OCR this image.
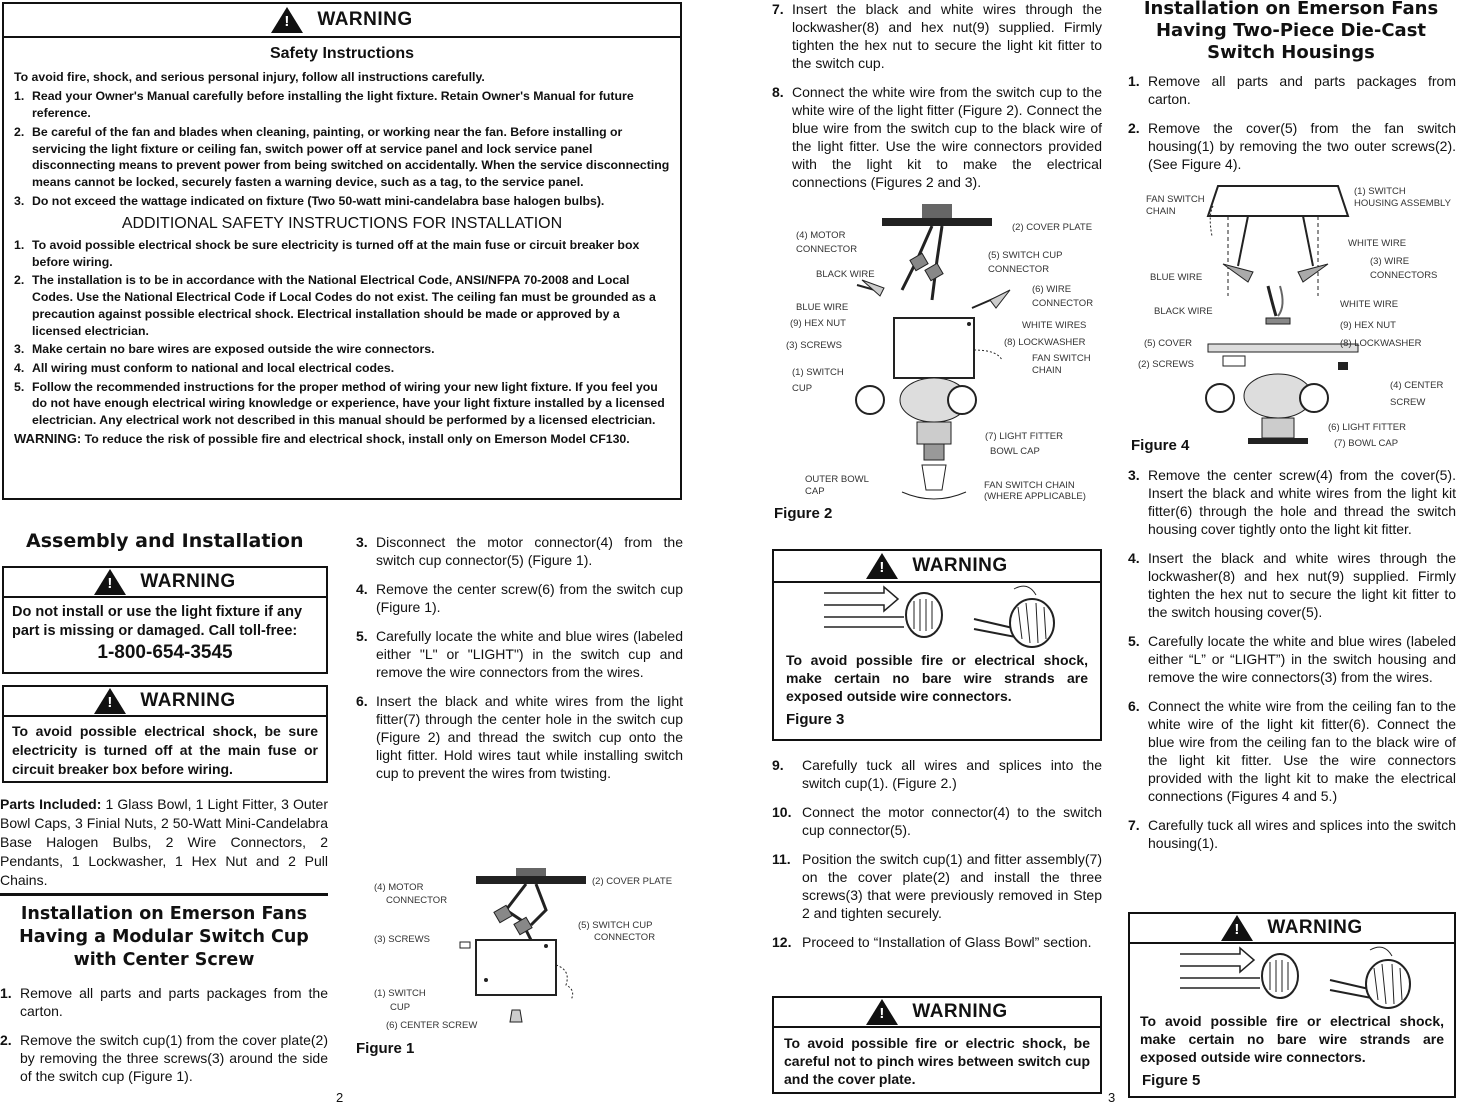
!
WARNING
Safety Instructions
To avoid fire, shock, and serious personal injury, follow all instructions carefully.
1. Read your Owner's Manual carefully before installing the light fixture. Retain Owner's Manual for future reference.
2. Be careful of the fan and blades when cleaning, painting, or working near the fan. Before installing or servicing the light fixture or ceiling fan, switch power off at service panel and lock service panel disconnecting means to prevent power from being switched on accidentally. When the service disconnecting means cannot be locked, securely fasten a warning device, such as a tag, to the service panel.
3. Do not exceed the wattage indicated on fixture (Two 50-watt mini-candelabra base halogen bulbs).
ADDITIONAL SAFETY INSTRUCTIONS FOR INSTALLATION
1. To avoid possible electrical shock be sure electricity is turned off at the main fuse or circuit breaker box before wiring.
2. The installation is to be in accordance with the National Electrical Code, ANSI/NFPA 70-2008 and Local Codes. Use the National Electrical Code if Local Codes do not exist. The ceiling fan must be grounded as a precaution against possible electrical shock. Electrical installation should be made or approved by a licensed electrician.
3. Make certain no bare wires are exposed outside the wire connectors.
4. All wiring must conform to national and local electrical codes.
5. Follow the recommended instructions for the proper method of wiring your new light fixture. If you feel you do not have enough electrical wiring knowledge or experience, have your light fixture installed by a licensed electrician. Any electrical work not described in this manual should be performed by a licensed electrician.
WARNING: To reduce the risk of possible fire and electrical shock, install only on Emerson Model CF130.
Assembly and Installation
!
WARNING
Do not install or use the light fixture if any part is missing or damaged. Call toll-free:
1-800-654-3545
!
WARNING
To avoid possible electrical shock, be sure electricity is turned off at the main fuse or circuit breaker box before wiring.
Parts Included: 1 Glass Bowl, 1 Light Fitter, 3 Outer Bowl Caps, 3 Finial Nuts, 2 50-Watt Mini-Candelabra Base Halogen Bulbs, 2 Wire Connectors, 2 Pendants, 1 Lockwasher, 1 Hex Nut and 2 Pull Chains.
Installation on Emerson Fans Having a Modular Switch Cup with Center Screw
1. Remove all parts and parts packages from the carton.
2. Remove the switch cup(1) from the cover plate(2) by removing the three screws(3) around the side of the switch cup (Figure 1).
3. Disconnect the motor connector(4) from the switch cup connector(5) (Figure 1).
4. Remove the center screw(6) from the switch cup (Figure 1).
5. Carefully locate the white and blue wires (labeled either "L" or "LIGHT") in the switch cup and remove the wire connectors from the wires.
6. Insert the black and white wires from the light fitter(7) through the center hole in the switch cup (Figure 2) and thread the switch cup onto the light fitter. Hold wires taut while installing switch cup to prevent the wires from twisting.
(2) COVER PLATE
(4) MOTOR
CONNECTOR
(5) SWITCH CUP
CONNECTOR
(3) SCREWS
(1) SWITCH
CUP
(6) CENTER SCREW
Figure 1
2
7. Insert the black and white wires through the lockwasher(8) and hex nut(9) supplied. Firmly tighten the hex nut to secure the light kit fitter to the switch cup.
8. Connect the white wire from the switch cup to the white wire of the light fitter (Figure 2). Connect the blue wire from the switch cup to the black wire of the light fitter. Use the wire connectors provided with the light kit to make the electrical connections (Figures 2 and 3).
(4) MOTOR
CONNECTOR
(2) COVER PLATE
BLACK WIRE
(5) SWITCH CUP
CONNECTOR
(6) WIRE
CONNECTOR
BLUE WIRE
(9) HEX NUT	WHITE WIRES
(3) SCREWS	(8) LOCKWASHER
FAN SWITCH
CHAIN
(1) SWITCH
CUP
(7) LIGHT FITTER
BOWL CAP
OUTER BOWL
CAP
FAN SWITCH CHAIN
(WHERE APPLICABLE)
Figure 2
!
WARNING
To avoid possible fire or electrical shock, make certain no bare wire strands are exposed outside wire connectors.
Figure 3
9. Carefully tuck all wires and splices into the switch cup(1). (Figure 2.)
10. Connect the motor connector(4) to the switch cup connector(5).
11. Position the switch cup(1) and fitter assembly(7) on the cover plate(2) and install the three screws(3) that were previously removed in Step 2 and tighten securely.
12. Proceed to “Installation of Glass Bowl” section.
!
WARNING
To avoid possible fire or electric shock, be careful not to pinch wires between switch cup and the cover plate.
3
Installation on Emerson Fans Having Two-Piece Die-Cast Switch Housings
1. Remove all parts and parts packages from carton.
2. Remove the cover(5) from the fan switch housing(1) by removing the two outer screws(2). (See Figure 4).
FAN SWITCH
CHAIN
(1) SWITCH
HOUSING ASSEMBLY
WHITE WIRE
(3) WIRE
CONNECTORS
BLUE WIRE
WHITE WIRE
BLACK WIRE
(9) HEX NUT
(5) COVER	(8) LOCKWASHER
(2) SCREWS
(4) CENTER
SCREW
(6) LIGHT FITTER
(7) BOWL CAP
Figure 4
3. Remove the center screw(4) from the cover(5). Insert the black and white wires from the light kit fitter(6) through the hole and thread the switch housing cover tightly onto the light kit fitter.
4. Insert the black and white wires through the lockwasher(8) and hex nut(9) supplied. Firmly tighten the hex nut to secure the light kit fitter to the switch housing cover(5).
5. Carefully locate the white and blue wires (labeled either “L” or “LIGHT”) in the switch housing and remove the wire connectors(3) from the wires.
6. Connect the white wire from the ceiling fan to the white wire of the light kit fitter(6). Connect the blue wire from the ceiling fan to the black wire of the light kit fitter. Use the wire connectors provided with the light kit to make the electrical connections (Figures 4 and 5.)
7. Carefully tuck all wires and splices into the switch housing(1).
!
WARNING
To avoid possible fire or electrical shock, make certain no bare wire strands are exposed outside wire connectors.
Figure 5
